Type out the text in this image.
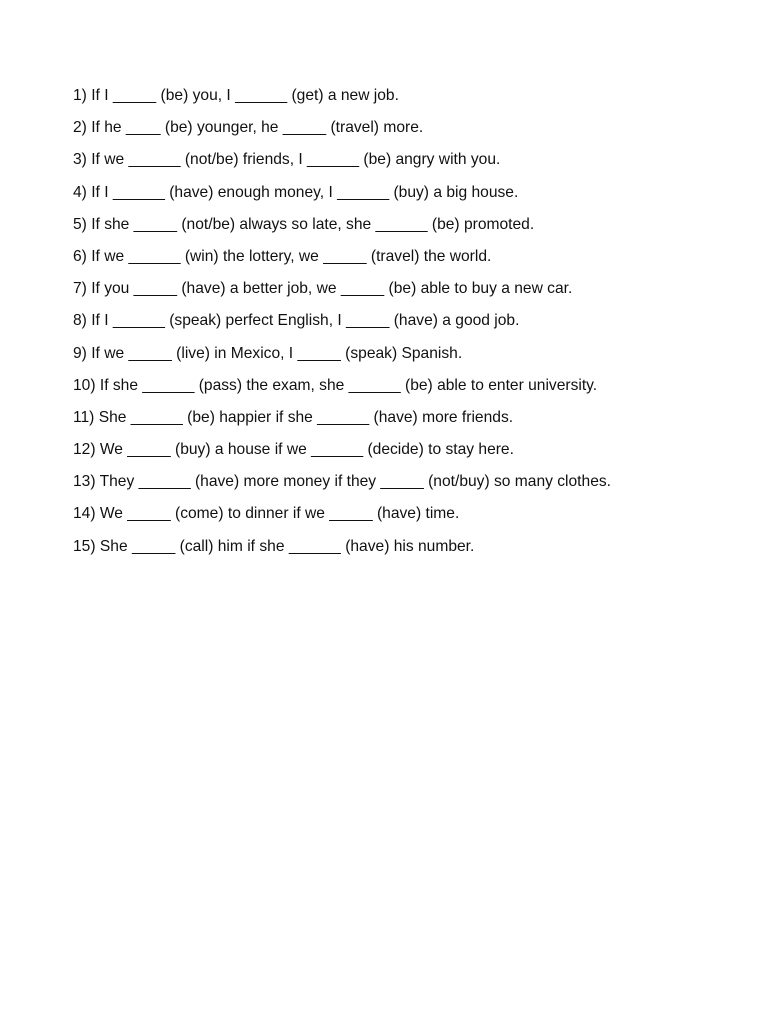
1) If I _____ (be) you, I ______ (get) a new job.
2) If he ____ (be) younger, he _____ (travel) more.
3) If we ______ (not/be) friends, I ______ (be) angry with you.
4) If I ______ (have) enough money, I ______ (buy) a big house.
5) If she _____ (not/be) always so late, she ______ (be) promoted.
6) If we ______ (win) the lottery, we _____ (travel) the world.
7) If you _____ (have) a better job, we _____ (be) able to buy a new car.
8) If I ______ (speak) perfect English, I _____ (have) a good job.
9) If we _____ (live) in Mexico, I _____ (speak) Spanish.
10) If she ______ (pass) the exam, she ______ (be) able to enter university.
11) She ______ (be) happier if she ______ (have) more friends.
12) We _____ (buy) a house if we ______ (decide) to stay here.
13) They ______ (have) more money if they _____ (not/buy) so many clothes.
14) We _____ (come) to dinner if we _____ (have) time.
15) She _____ (call) him if she ______ (have) his number.
